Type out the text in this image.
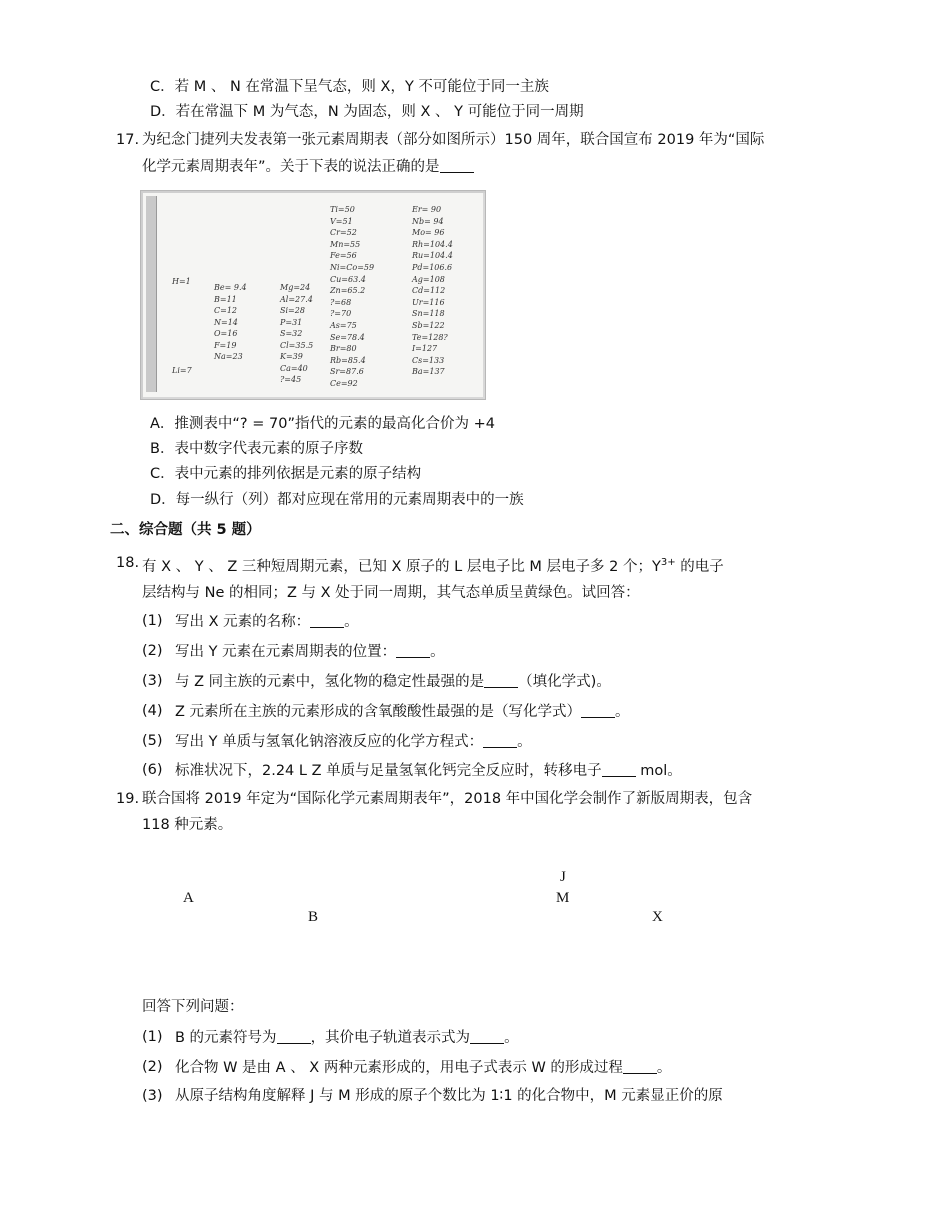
C．若 M 、 N 在常温下呈气态，则 X，Y 不可能位于同一主族
D．若在常温下 M 为气态，N 为固态，则 X 、 Y 可能位于同一周期
17. 为纪念门捷列夫发表第一张元素周期表（部分如图所示）150 周年，联合国宣布 2019 年为“国际
化学元素周期表年”。关于下表的说法正确的是
H=1
Li=7
Be= 9.4
B=11
C=12
N=14
O=16
F=19
Na=23
Mg=24
Al=27.4
Si=28
P=31
S=32
Cl=35.5
K=39
Ca=40
?=45
Ti=50
V=51
Cr=52
Mn=55
Fe=56
Ni=Co=59
Cu=63.4
Zn=65.2
?=68
?=70
As=75
Se=78.4
Br=80
Rb=85.4
Sr=87.6
Ce=92
Er= 90
Nb= 94
Mo= 96
Rh=104.4
Ru=104.4
Pd=106.6
Ag=108
Cd=112
Ur=116
Sn=118
Sb=122
Te=128?
I=127
Cs=133
Ba=137
A．推测表中“? = 70”指代的元素的最高化合价为 +4
B．表中数字代表元素的原子序数
C．表中元素的排列依据是元素的原子结构
D．每一纵行（列）都对应现在常用的元素周期表中的一族
二、综合题（共 5 题）
18. 有 X 、 Y 、 Z 三种短周期元素，已知 X 原子的 L 层电子比 M 层电子多 2 个；$Y^{3+}$ 的电子
层结构与 Ne 的相同；Z 与 X 处于同一周期，其气态单质呈黄绿色。试回答：
(1) 写出 X 元素的名称： 。
(2) 写出 Y 元素在元素周期表的位置： 。
(3) 与 Z 同主族的元素中，氢化物的稳定性最强的是 （填化学式)。
(4) Z 元素所在主族的元素形成的含氧酸酸性最强的是（写化学式） 。
(5) 写出 Y 单质与氢氧化钠溶液反应的化学方程式： 。
(6) 标准状况下，2.24 L Z 单质与足量氢氧化钙完全反应时，转移电子 mol。
19. 联合国将 2019 年定为“国际化学元素周期表年”，2018 年中国化学会制作了新版周期表，包含
118 种元素。
J
A	M
B	X
回答下列问题：
(1) B 的元素符号为 ，其价电子轨道表示式为 。
(2) 化合物 W 是由 A 、 X 两种元素形成的，用电子式表示 W 的形成过程 。
(3) 从原子结构角度解释 J 与 M 形成的原子个数比为 1∶1 的化合物中，M 元素显正价的原
